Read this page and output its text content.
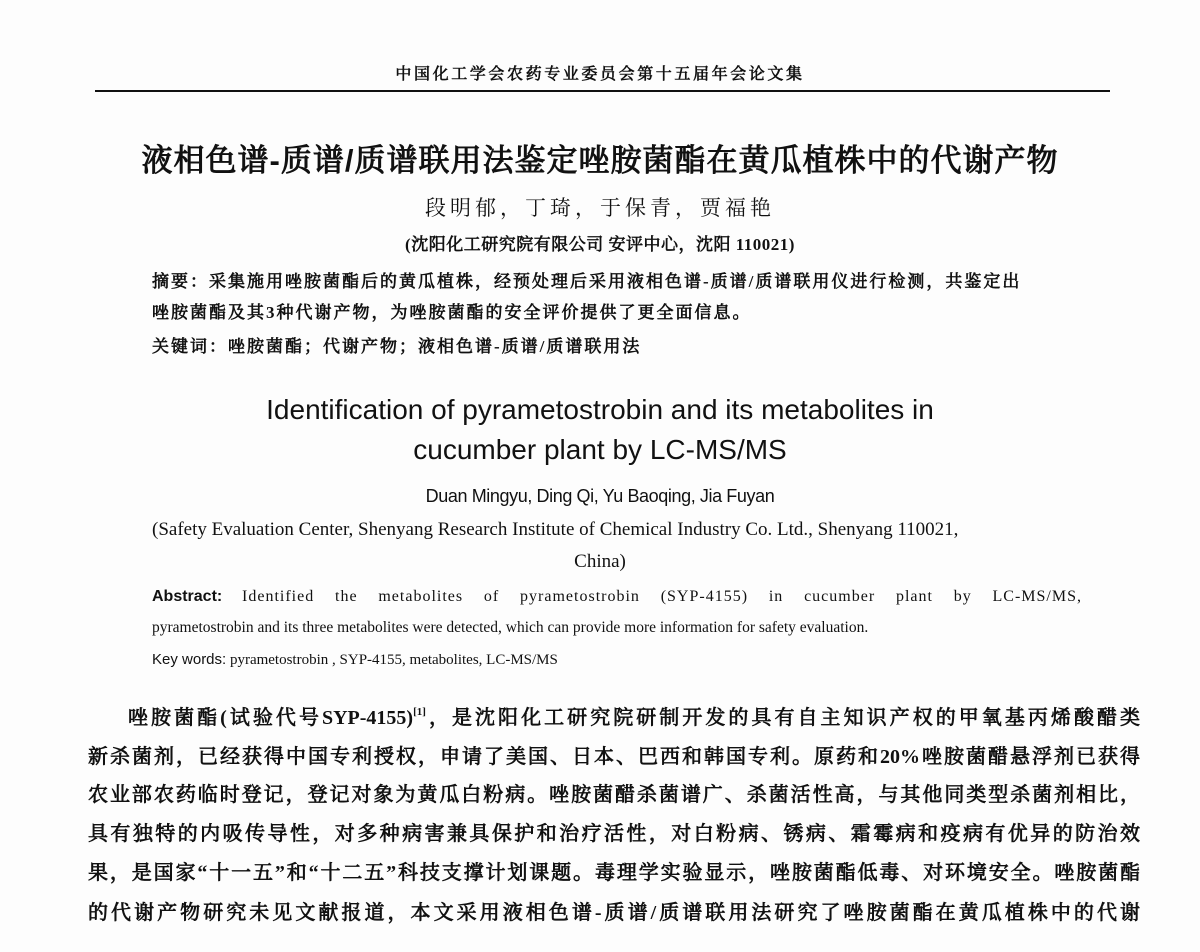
中国化工学会农药专业委员会第十五届年会论文集
液相色谱-质谱/质谱联用法鉴定唑胺菌酯在黄瓜植株中的代谢产物
段明郁，丁琦，于保青，贾福艳
(沈阳化工研究院有限公司 安评中心，沈阳 110021)
摘要：采集施用唑胺菌酯后的黄瓜植株，经预处理后采用液相色谱-质谱/质谱联用仪进行检测，共鉴定出
唑胺菌酯及其3种代谢产物，为唑胺菌酯的安全评价提供了更全面信息。
关键词：唑胺菌酯；代谢产物；液相色谱-质谱/质谱联用法
Identification of pyrametostrobin and its metabolites in
cucumber plant by LC-MS/MS
Duan Mingyu, Ding Qi, Yu Baoqing, Jia Fuyan
(Safety Evaluation Center, Shenyang Research Institute of Chemical Industry Co. Ltd., Shenyang 110021,
China)
Abstract: Identified the metabolites of pyrametostrobin (SYP-4155) in cucumber plant by LC-MS/MS,
pyrametostrobin and its three metabolites were detected, which can provide more information for safety evaluation.
Key words: pyrametostrobin , SYP-4155, metabolites, LC-MS/MS
唑胺菌酯(试验代号SYP-4155)[1]，是沈阳化工研究院研制开发的具有自主知识产权的甲氧基丙烯酸醋类
新杀菌剂，已经获得中国专利授权，申请了美国、日本、巴西和韩国专利。原药和20%唑胺菌醋悬浮剂已获得
农业部农药临时登记，登记对象为黄瓜白粉病。唑胺菌醋杀菌谱广、杀菌活性高，与其他同类型杀菌剂相比，
具有独特的内吸传导性，对多种病害兼具保护和治疗活性，对白粉病、锈病、霜霉病和疫病有优异的防治效
果，是国家“十一五”和“十二五”科技支撑计划课题。毒理学实验显示，唑胺菌酯低毒、对环境安全。唑胺菌酯
的代谢产物研究未见文献报道，本文采用液相色谱-质谱/质谱联用法研究了唑胺菌酯在黄瓜植株中的代谢
